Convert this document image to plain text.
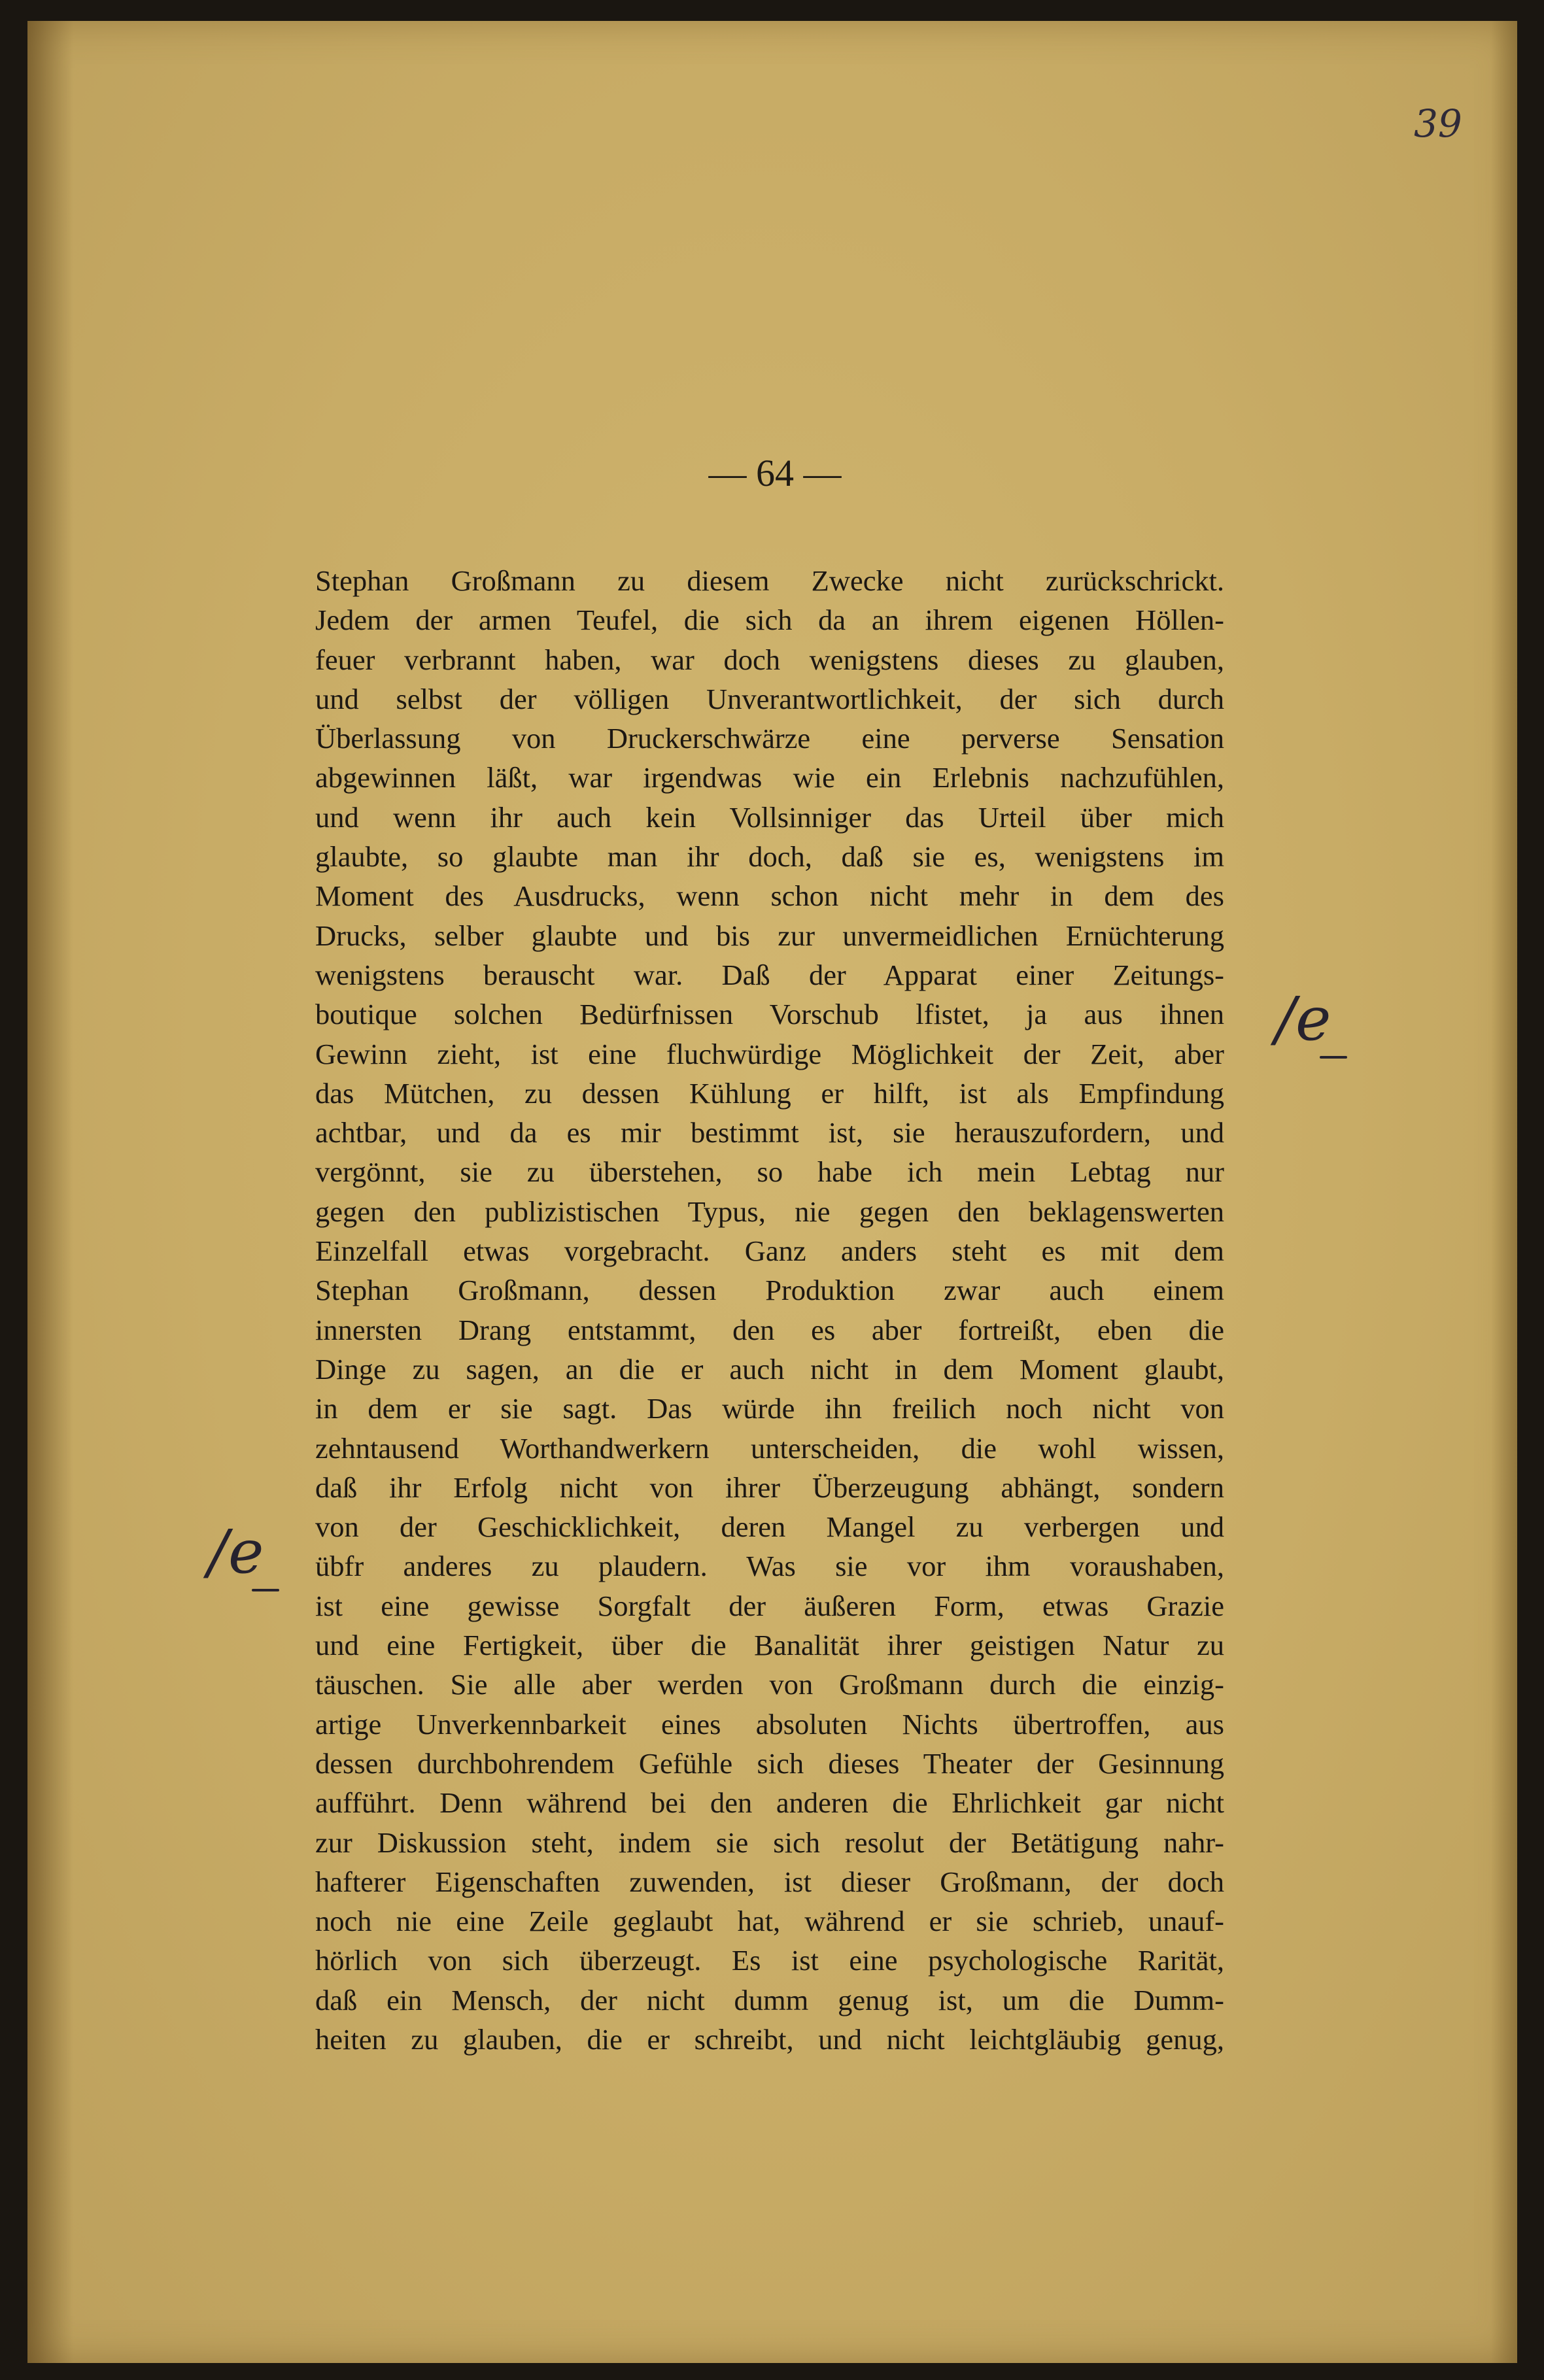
39
— 64 —
Stephan Großmann zu diesem Zwecke nicht zurückschrickt.
Jedem der armen Teufel, die sich da an ihrem eigenen Höllen-
feuer verbrannt haben, war doch wenigstens dieses zu glauben,
und selbst der völligen Unverantwortlichkeit, der sich durch
Überlassung von Druckerschwärze eine perverse Sensation
abgewinnen läßt, war irgendwas wie ein Erlebnis nachzufühlen,
und wenn ihr auch kein Vollsinniger das Urteil über mich
glaubte, so glaubte man ihr doch, daß sie es, wenigstens im
Moment des Ausdrucks, wenn schon nicht mehr in dem des
Drucks, selber glaubte und bis zur unvermeidlichen Ernüchterung
wenigstens berauscht war. Daß der Apparat einer Zeitungs-
boutique solchen Bedürfnissen Vorschub lfistet, ja aus ihnen
Gewinn zieht, ist eine fluchwürdige Möglichkeit der Zeit, aber
das Mütchen, zu dessen Kühlung er hilft, ist als Empfindung
achtbar, und da es mir bestimmt ist, sie herauszufordern, und
vergönnt, sie zu überstehen, so habe ich mein Lebtag nur
gegen den publizistischen Typus, nie gegen den beklagenswerten
Einzelfall etwas vorgebracht. Ganz anders steht es mit dem
Stephan Großmann, dessen Produktion zwar auch einem
innersten Drang entstammt, den es aber fortreißt, eben die
Dinge zu sagen, an die er auch nicht in dem Moment glaubt,
in dem er sie sagt. Das würde ihn freilich noch nicht von
zehntausend Worthandwerkern unterscheiden, die wohl wissen,
daß ihr Erfolg nicht von ihrer Überzeugung abhängt, sondern
von der Geschicklichkeit, deren Mangel zu verbergen und
übfr anderes zu plaudern. Was sie vor ihm voraushaben,
ist eine gewisse Sorgfalt der äußeren Form, etwas Grazie
und eine Fertigkeit, über die Banalität ihrer geistigen Natur zu
täuschen. Sie alle aber werden von Großmann durch die einzig-
artige Unverkennbarkeit eines absoluten Nichts übertroffen, aus
dessen durchbohrendem Gefühle sich dieses Theater der Gesinnung
aufführt. Denn während bei den anderen die Ehrlichkeit gar nicht
zur Diskussion steht, indem sie sich resolut der Betätigung nahr-
hafterer Eigenschaften zuwenden, ist dieser Großmann, der doch
noch nie eine Zeile geglaubt hat, während er sie schrieb, unauf-
hörlich von sich überzeugt. Es ist eine psychologische Rarität,
daß ein Mensch, der nicht dumm genug ist, um die Dumm-
heiten zu glauben, die er schreibt, und nicht leichtgläubig genug,
/e
/e
